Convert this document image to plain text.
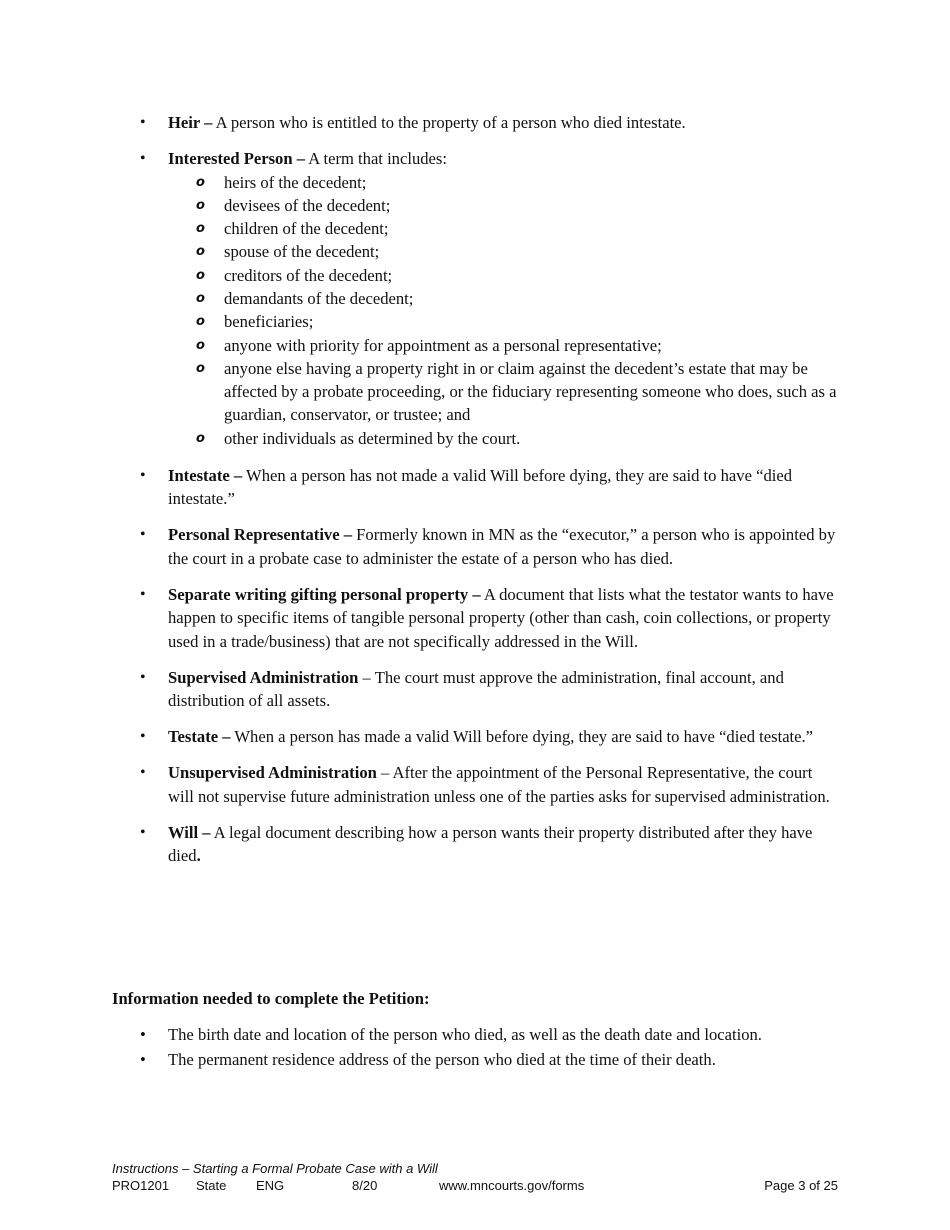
• Heir – A person who is entitled to the property of a person who died intestate.
• Interested Person – A term that includes:
o heirs of the decedent;
o devisees of the decedent;
o children of the decedent;
o spouse of the decedent;
o creditors of the decedent;
o demandants of the decedent;
o beneficiaries;
o anyone with priority for appointment as a personal representative;
o anyone else having a property right in or claim against the decedent’s estate that may be affected by a probate proceeding, or the fiduciary representing someone who does, such as a guardian, conservator, or trustee; and
o other individuals as determined by the court.
• Intestate – When a person has not made a valid Will before dying, they are said to have “died intestate.”
• Personal Representative – Formerly known in MN as the “executor,” a person who is appointed by the court in a probate case to administer the estate of a person who has died.
• Separate writing gifting personal property – A document that lists what the testator wants to have happen to specific items of tangible personal property (other than cash, coin collections, or property used in a trade/business) that are not specifically addressed in the Will.
• Supervised Administration – The court must approve the administration, final account, and distribution of all assets.
• Testate – When a person has made a valid Will before dying, they are said to have “died testate.”
• Unsupervised Administration – After the appointment of the Personal Representative, the court will not supervise future administration unless one of the parties asks for supervised administration.
• Will – A legal document describing how a person wants their property distributed after they have died.
Information needed to complete the Petition:
• The birth date and location of the person who died, as well as the death date and location.
• The permanent residence address of the person who died at the time of their death.
Instructions – Starting a Formal Probate Case with a Will
PRO1201 State ENG	8/20	www.mncourts.gov/forms	Page 3 of 25
